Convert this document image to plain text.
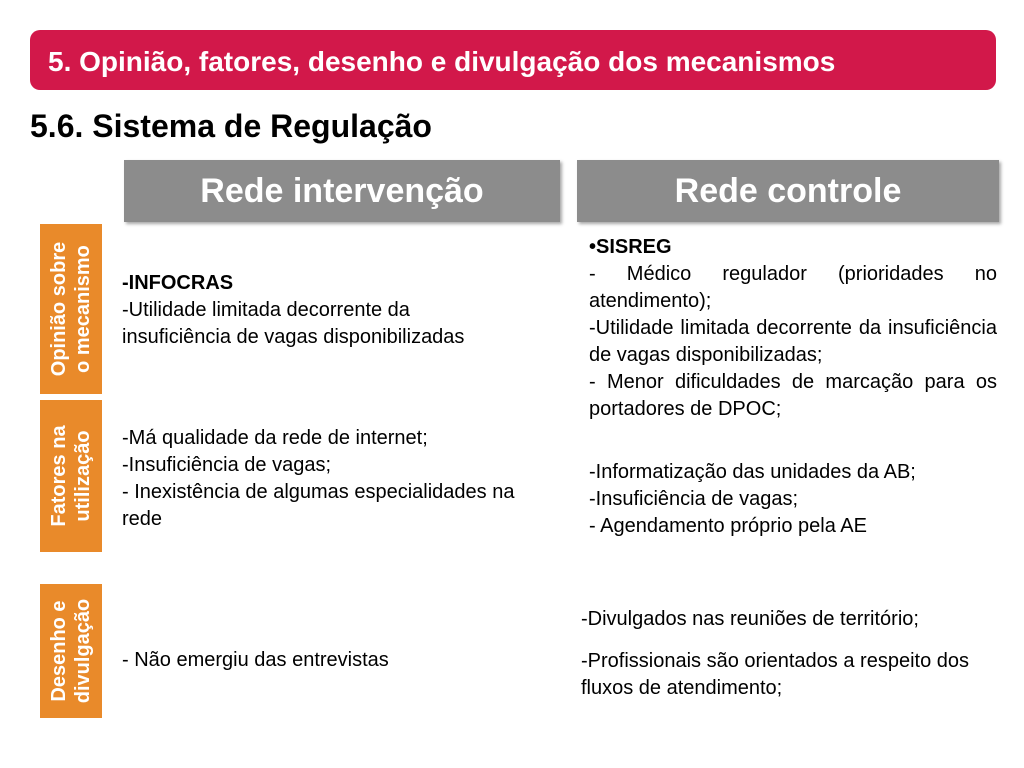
5. Opinião, fatores, desenho e divulgação dos mecanismos
5.6. Sistema de Regulação
Rede intervenção	Rede controle
Opinião sobre o mecanismo
Fatores na utilização
Desenho e divulgação
-INFOCRAS
-Utilidade limitada decorrente da insuficiência de vagas disponibilizadas
•SISREG
- Médico regulador (prioridades no atendimento);
-Utilidade limitada decorrente da insuficiência de vagas disponibilizadas;
- Menor dificuldades de marcação para os portadores de DPOC;
-Má qualidade da rede de internet;
-Insuficiência de vagas;
- Inexistência de algumas especialidades na rede
-Informatização das unidades da AB;
-Insuficiência de vagas;
- Agendamento próprio pela AE
- Não emergiu das entrevistas
-Divulgados nas reuniões de território;
-Profissionais são orientados a respeito dos fluxos de atendimento;
